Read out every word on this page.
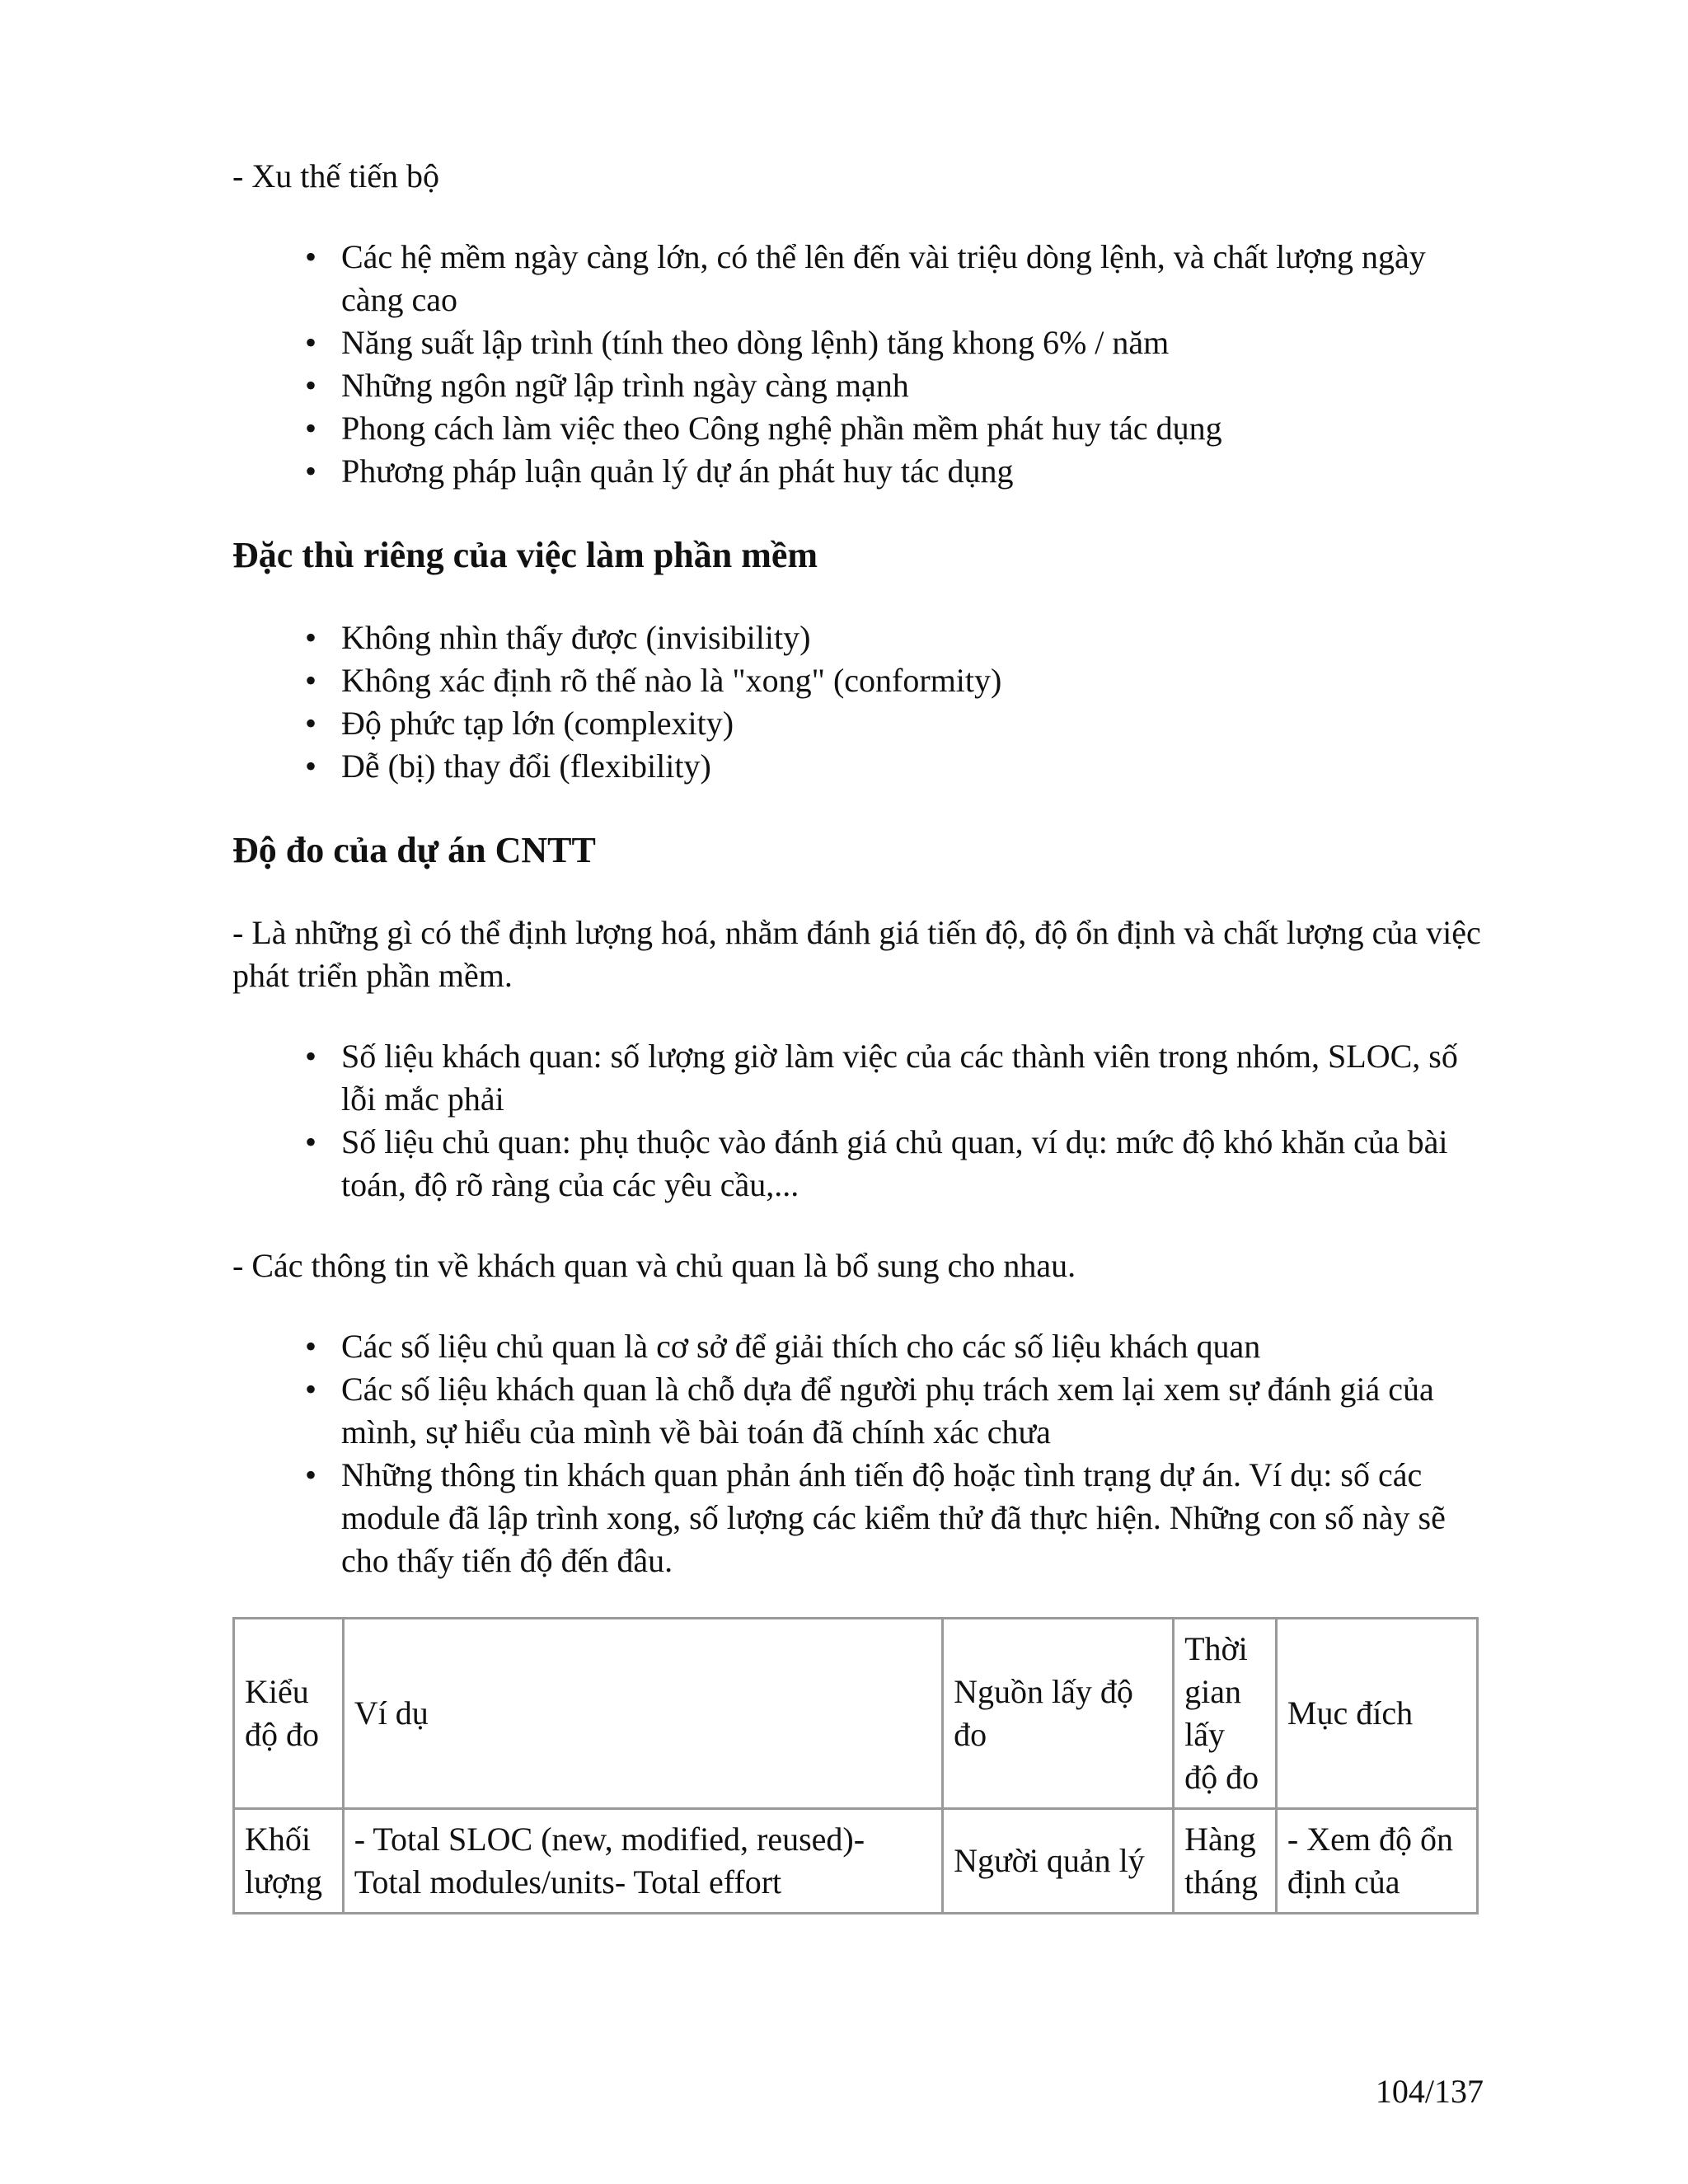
- Xu thế tiến bộ

• Các hệ mềm ngày càng lớn, có thể lên đến vài triệu dòng lệnh, và chất lượng ngày càng cao
• Năng suất lập trình (tính theo dòng lệnh) tăng khong 6% / năm
• Những ngôn ngữ lập trình ngày càng mạnh
• Phong cách làm việc theo Công nghệ phần mềm phát huy tác dụng
• Phương pháp luận quản lý dự án phát huy tác dụng
Đặc thù riêng của việc làm phần mềm
• Không nhìn thấy được (invisibility)
• Không xác định rõ thế nào là "xong" (conformity)
• Độ phức tạp lớn (complexity)
• Dễ (bị) thay đổi (flexibility)
Độ đo của dự án CNTT

- Là những gì có thể định lượng hoá, nhằm đánh giá tiến độ, độ ổn định và chất lượng của việc phát triển phần mềm.

• Số liệu khách quan: số lượng giờ làm việc của các thành viên trong nhóm, SLOC, số lỗi mắc phải
• Số liệu chủ quan: phụ thuộc vào đánh giá chủ quan, ví dụ: mức độ khó khăn của bài toán, độ rõ ràng của các yêu cầu,...

- Các thông tin về khách quan và chủ quan là bổ sung cho nhau.

• Các số liệu chủ quan là cơ sở để giải thích cho các số liệu khách quan
• Các số liệu khách quan là chỗ dựa để người phụ trách xem lại xem sự đánh giá của mình, sự hiểu của mình về bài toán đã chính xác chưa
• Những thông tin khách quan phản ánh tiến độ hoặc tình trạng dự án. Ví dụ: số các module đã lập trình xong, số lượng các kiểm thử đã thực hiện. Những con số này sẽ cho thấy tiến độ đến đâu.
Kiểu độ đo	Ví dụ	Nguồn lấy độ đo	Thời gian lấy độ đo	Mục đích
Khối lượng	- Total SLOC (new, modified, reused)- Total modules/units- Total effort	Người quản lý	Hàng tháng	- Xem độ ổn định của
104/137
